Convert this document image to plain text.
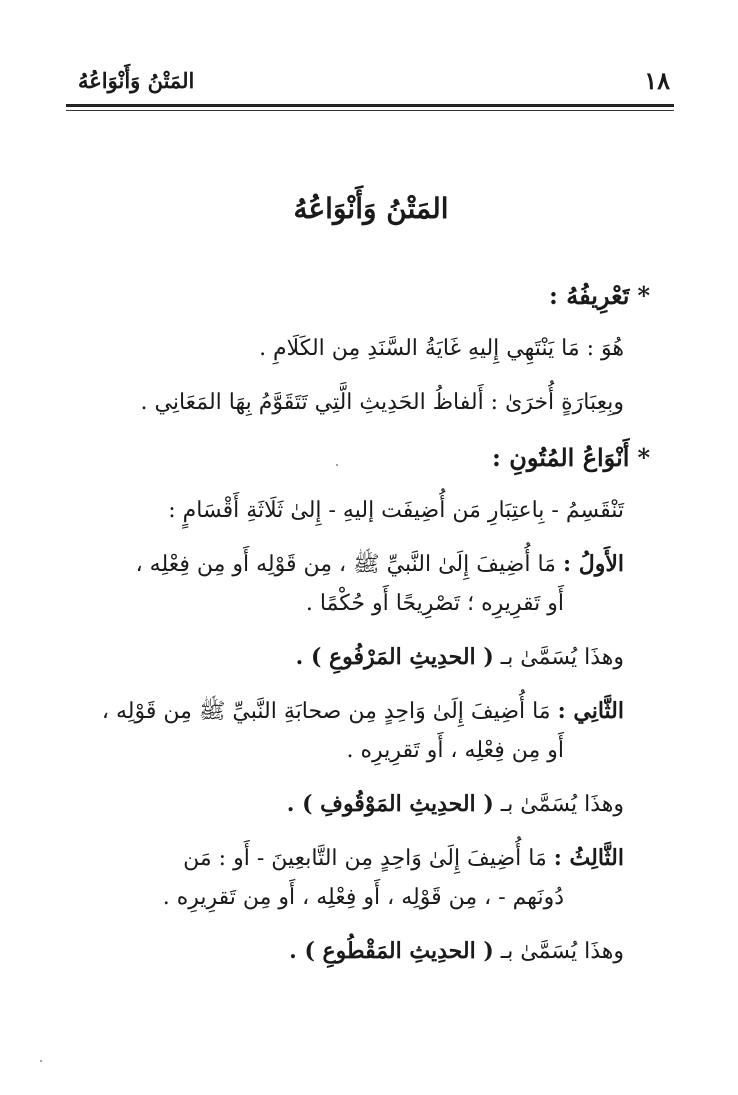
١٨
المَتْنُ وَأَنْوَاعُهُ
المَتْنُ وَأَنْوَاعُهُ
*تَعْرِيفُهُ :
هُوَ : مَا يَنْتَهِي إِليهِ غَايَةُ السَّنَدِ مِن الكَلَامِ .
وبِعِبَارَةٍ أُخرَىٰ : أَلفاظُ الحَدِيثِ الَّتِي تَتَقَوَّمُ بِهَا المَعَانِي .
*أَنْوَاعُ المُتُونِ :
تَنْقَسِمُ - بِاعتِبَارِ مَن أُضِيفَت إليهِ - إِلىٰ ثَلَاثَةِ أَقْسَامٍ :
الأَولُ : مَا أُضِيفَ إِلَىٰ النَّبيِّ ﷺ ، مِن قَوْلِه أَو مِن فِعْلِه ،
أَو تَقرِيرِه ؛ تَصْرِيحًا أَو حُكْمًا .
وهذَا يُسَمَّىٰ بـ ( الحدِيثِ المَرْفُوعِ ) .
الثَّانِي : مَا أُضِيفَ إِلَىٰ وَاحِدٍ مِن صحابَةِ النَّبيِّ ﷺ مِن قَوْلِه ،
أَو مِن فِعْلِه ، أَو تَقرِيرِه .
وهذَا يُسَمَّىٰ بـ ( الحدِيثِ المَوْقُوفِ ) .
الثَّالِثُ : مَا أُضِيفَ إِلَىٰ وَاحِدٍ مِن التَّابعِينَ - أَو : مَن
دُونَهم - ، مِن قَوْلِه ، أَو فِعْلِه ، أَو مِن تَقرِيرِه .
وهذَا يُسَمَّىٰ بـ ( الحدِيثِ المَقْطُوعِ ) .
